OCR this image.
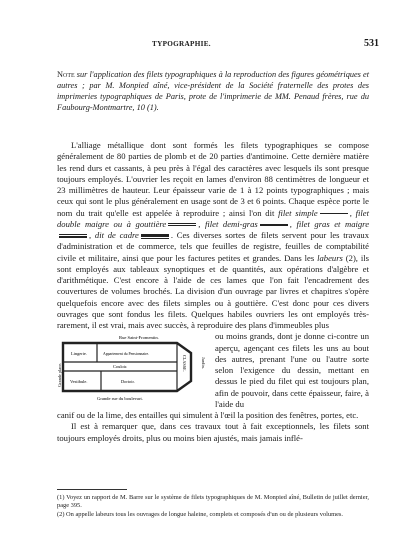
TYPOGRAPHIE.	531
Note sur l'application des filets typographiques à la reproduction des figures géométriques et autres ; par M. Monpied aîné, vice-président de la Société fraternelle des protes des imprimeries typographiques de Paris, prote de l'imprimerie de MM. Penaud frères, rue du Faubourg-Montmartre, 10 (1).

L'alliage métallique dont sont formés les filets typographiques se compose généralement de 80 parties de plomb et de 20 parties d'antimoine. Cette dernière matière les rend durs et cassants, à peu près à l'égal des caractères avec lesquels ils sont presque toujours employés. L'ouvrier les reçoit en lames d'environ 88 centimètres de longueur et 23 millimètres de hauteur. Leur épaisseur varie de 1 à 12 points typographiques ; mais ceux qui sont le plus généralement en usage sont de 3 et 6 points. Chaque espèce porte le nom du trait qu'elle est appelée à reproduire ; ainsi l'on dit filet simple	, filet double maigre ou à gouttière	, filet demi-gras	, filet gras et maigre, dit de cadre	. Ces diverses sortes de filets servent pour les travaux d'administration et de commerce, tels que feuilles de registre, feuilles de comptabilité civile et militaire, ainsi que pour les factures petites et grandes. Dans les labeurs (2), ils sont employés aux tableaux synoptiques et de quantités, aux opérations d'algèbre et d'arithmétique. C'est encore à l'aide de ces lames que l'on fait l'encadrement des couvertures de volumes brochés. La division d'un ouvrage par livres et chapitres s'opère quelquefois encore avec des filets simples ou à gouttière. C'est donc pour ces divers ouvrages que sont fondus les filets. Quelques habiles ouvriers les ont employés très-rarement, il est vrai, mais avec succès, à reproduire des plans d'immeubles plus

Rue Saint-Fromentin.
Lingerie.	Appartement du Pensionnaire.
Couloir.
Vestibule.	Dortoir.
Grande place.	CLASSE.	Jardin.
Grande rue du boulevart.
ou moins grands, dont je donne ci-contre un aperçu, agençant ces filets les uns au bout des autres, prenant l'une ou l'autre sorte selon l'exigence du dessin, mettant en dessus le pied du filet qui est toujours plan, afin de pouvoir, dans cette épaisseur, faire, à l'aide du
canif ou de la lime, des entailles qui simulent à l'œil la position des fenêtres, portes, etc.

Il est à remarquer que, dans ces travaux tout à fait exceptionnels, les filets sont toujours employés droits, plus ou moins bien ajustés, mais jamais inflé-

(1) Voyez un rapport de M. Barre sur le système de filets typographiques de M. Monpied aîné, Bulletin de juillet dernier, page 395.
(2) On appelle labeurs tous les ouvrages de longue haleine, complets et composés d'un ou de plusieurs volumes.
